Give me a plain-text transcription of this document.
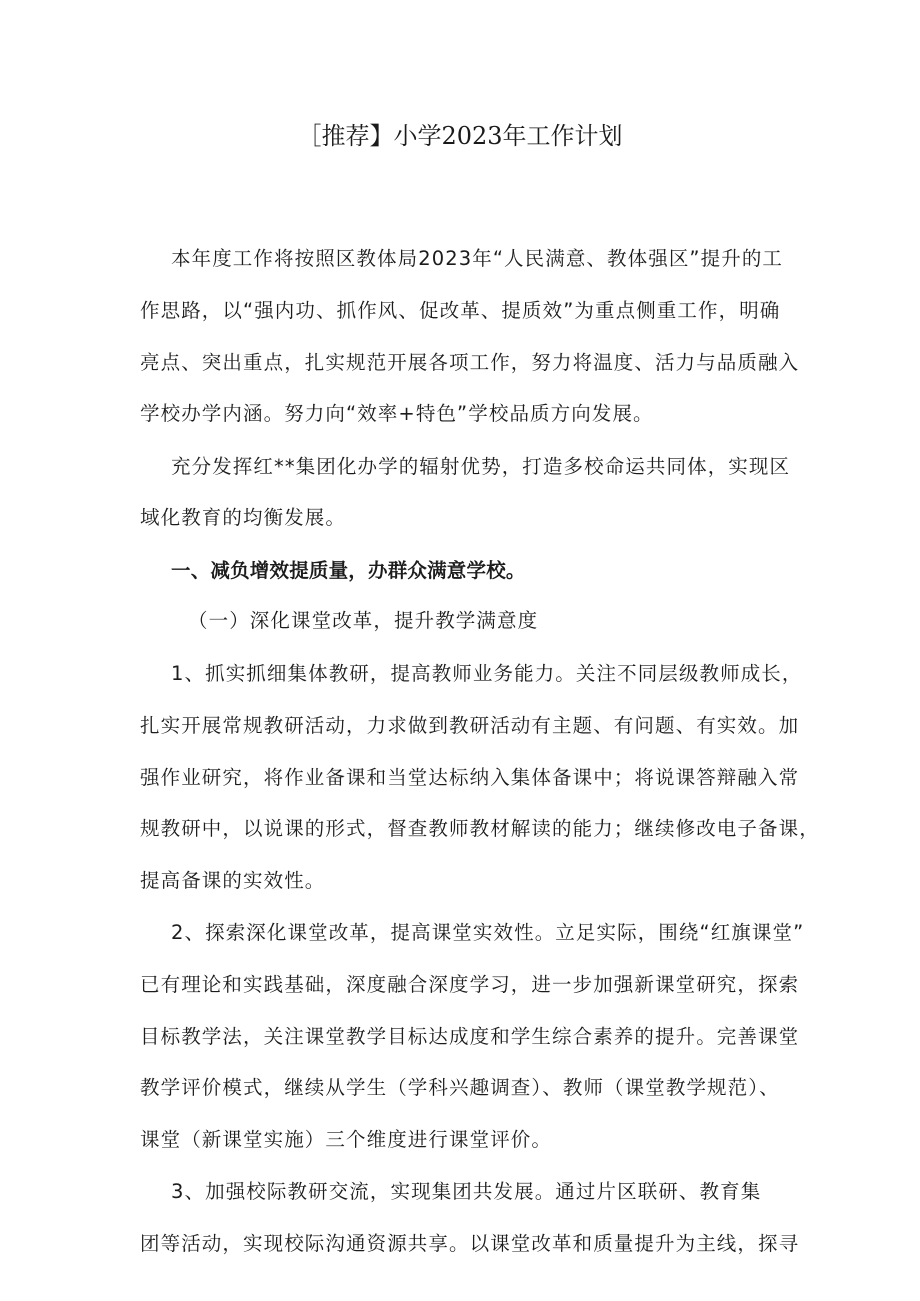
［推荐】小学2023年工作计划
本年度工作将按照区教体局2023年“人民满意、教体强区”提升的工
作思路，以“强内功、抓作风、促改革、提质效”为重点侧重工作，明确
亮点、突出重点，扎实规范开展各项工作，努力将温度、活力与品质融入
学校办学内涵。努力向“效率+特色”学校品质方向发展。
充分发挥红**集团化办学的辐射优势，打造多校命运共同体，实现区
域化教育的均衡发展。
一、减负增效提质量，办群众满意学校。
（一）深化课堂改革，提升教学满意度
1、抓实抓细集体教研，提高教师业务能力。关注不同层级教师成长，
扎实开展常规教研活动，力求做到教研活动有主题、有问题、有实效。加
强作业研究，将作业备课和当堂达标纳入集体备课中；将说课答辩融入常
规教研中，以说课的形式，督查教师教材解读的能力；继续修改电子备课，
提高备课的实效性。
2、探索深化课堂改革，提高课堂实效性。立足实际，围绕“红旗课堂”
已有理论和实践基础，深度融合深度学习，进一步加强新课堂研究，探索
目标教学法，关注课堂教学目标达成度和学生综合素养的提升。完善课堂
教学评价模式，继续从学生（学科兴趣调查）、教师（课堂教学规范）、
课堂（新课堂实施）三个维度进行课堂评价。
3、加强校际教研交流，实现集团共发展。通过片区联研、教育集
团等活动，实现校际沟通资源共享。以课堂改革和质量提升为主线，探寻
